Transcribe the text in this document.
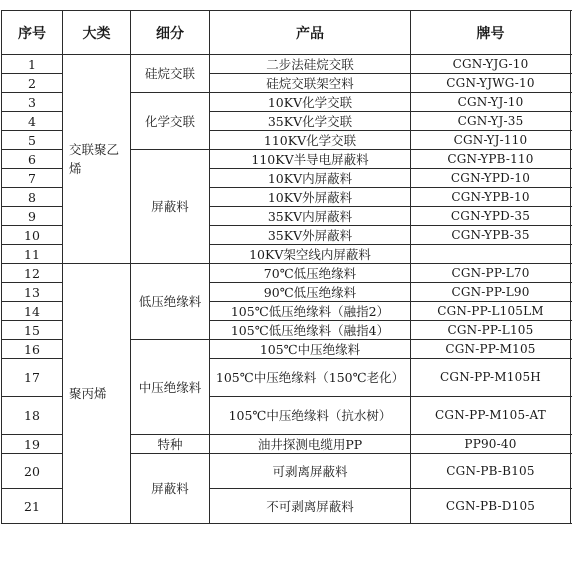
序号	大类	细分	产品	牌号	
1	交联聚乙烯	硅烷交联	二步法硅烷交联	CGN-YJG-10	
2			硅烷交联架空料	CGN-YJWG-10	
3		化学交联	10KV化学交联	CGN-YJ-10	
4			35KV化学交联	CGN-YJ-35	
5			110KV化学交联	CGN-YJ-110	
6		屏蔽料	110KV半导电屏蔽料	CGN-YPB-110	
7			10KV内屏蔽料	CGN-YPD-10	
8			10KV外屏蔽料	CGN-YPB-10	
9			35KV内屏蔽料	CGN-YPD-35	
10			35KV外屏蔽料	CGN-YPB-35	
11			10KV架空线内屏蔽料		
12	聚丙烯	低压绝缘料	70℃低压绝缘料	CGN-PP-L70	
13			90℃低压绝缘料	CGN-PP-L90	
14			105℃低压绝缘料（融指2）	CGN-PP-L105LM	
15			105℃低压绝缘料（融指4）	CGN-PP-L105	
16		中压绝缘料	105℃中压绝缘料	CGN-PP-M105	
17			105℃中压绝缘料（150℃老化）	CGN-PP-M105H	
18			105℃中压绝缘料（抗水树）	CGN-PP-M105-AT	
19		特种	油井探测电缆用PP	PP90-40	
20		屏蔽料	可剥离屏蔽料	CGN-PB-B105	
21			不可剥离屏蔽料	CGN-PB-D105	
